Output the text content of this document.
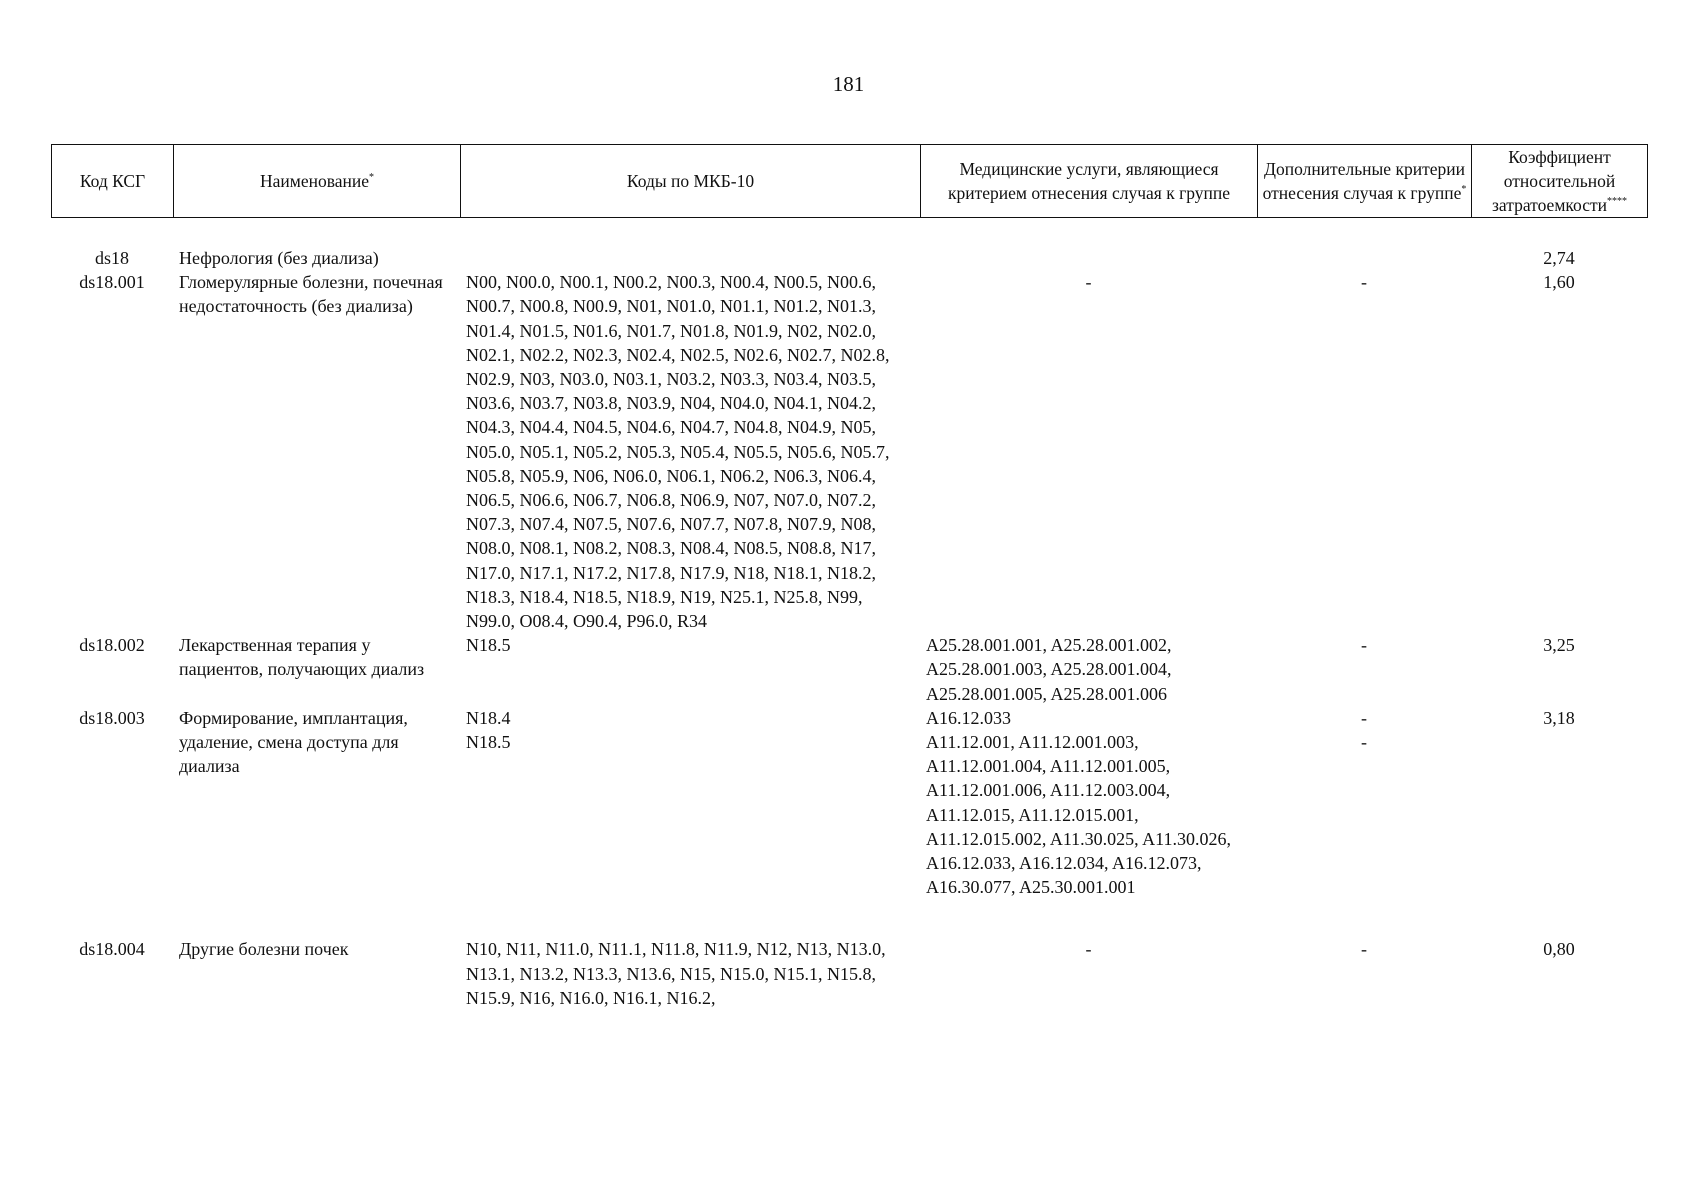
181
Код КСГ	Наименование*	Коды по МКБ-10	Медицинские услуги, являющиеся критерием отнесения случая к группе	Дополнительные критерии отнесения случая к группе*	Коэффициент относительной затратоемкости****
ds18	Нефрология (без диализа)				2,74
ds18.001	Гломерулярные болезни, почечная недостаточность (без диализа)	N00, N00.0, N00.1, N00.2, N00.3, N00.4, N00.5, N00.6, N00.7, N00.8, N00.9, N01, N01.0, N01.1, N01.2, N01.3, N01.4, N01.5, N01.6, N01.7, N01.8, N01.9, N02, N02.0, N02.1, N02.2, N02.3, N02.4, N02.5, N02.6, N02.7, N02.8, N02.9, N03, N03.0, N03.1, N03.2, N03.3, N03.4, N03.5, N03.6, N03.7, N03.8, N03.9, N04, N04.0, N04.1, N04.2, N04.3, N04.4, N04.5, N04.6, N04.7, N04.8, N04.9, N05, N05.0, N05.1, N05.2, N05.3, N05.4, N05.5, N05.6, N05.7, N05.8, N05.9, N06, N06.0, N06.1, N06.2, N06.3, N06.4, N06.5, N06.6, N06.7, N06.8, N06.9, N07, N07.0, N07.2, N07.3, N07.4, N07.5, N07.6, N07.7, N07.8, N07.9, N08, N08.0, N08.1, N08.2, N08.3, N08.4, N08.5, N08.8, N17, N17.0, N17.1, N17.2, N17.8, N17.9, N18, N18.1, N18.2, N18.3, N18.4, N18.5, N18.9, N19, N25.1, N25.8, N99, N99.0, O08.4, O90.4, P96.0, R34	-	-	1,60
ds18.002	Лекарственная терапия у пациентов, получающих диализ	N18.5	A25.28.001.001, A25.28.001.002, A25.28.001.003, A25.28.001.004, A25.28.001.005, A25.28.001.006	-	3,25
ds18.003	Формирование, имплантация, удаление, смена доступа для диализа	N18.4	A16.12.033	-	3,18
		N18.5	A11.12.001, A11.12.001.003, A11.12.001.004, A11.12.001.005, A11.12.001.006, A11.12.003.004, A11.12.015, A11.12.015.001, A11.12.015.002, A11.30.025, A11.30.026, A16.12.033, A16.12.034, A16.12.073, A16.30.077, A25.30.001.001	-	

ds18.004	Другие болезни почек	N10, N11, N11.0, N11.1, N11.8, N11.9, N12, N13, N13.0, N13.1, N13.2, N13.3, N13.6, N15, N15.0, N15.1, N15.8, N15.9, N16, N16.0, N16.1, N16.2,	-	-	0,80
